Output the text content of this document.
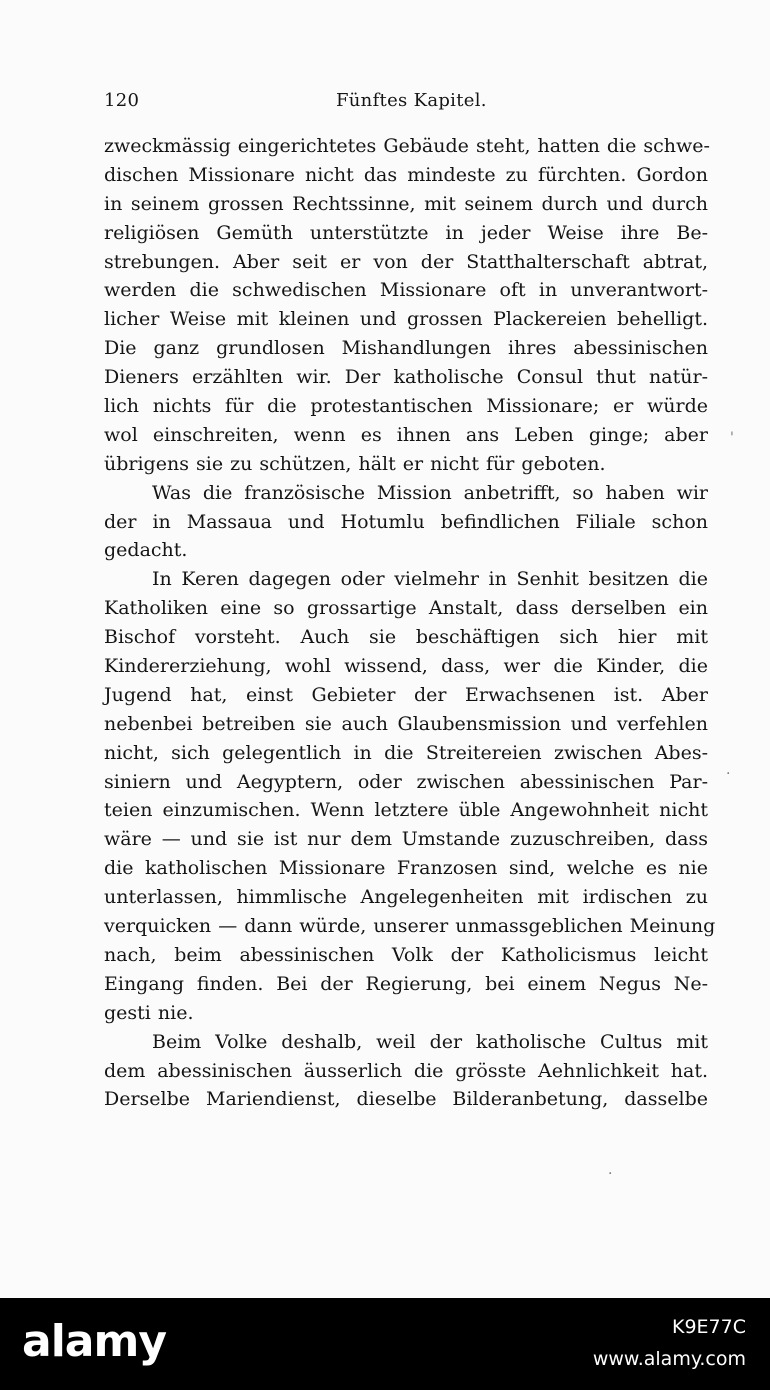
120	Fünftes Kapitel.
zweckmässig eingerichtetes Gebäude steht, hatten die schwe-
dischen Missionare nicht das mindeste zu fürchten. Gordon
in seinem grossen Rechtssinne, mit seinem durch und durch
religiösen Gemüth unterstützte in jeder Weise ihre Be-
strebungen. Aber seit er von der Statthalterschaft abtrat,
werden die schwedischen Missionare oft in unverantwort-
licher Weise mit kleinen und grossen Plackereien behelligt.
Die ganz grundlosen Mishandlungen ihres abessinischen
Dieners erzählten wir. Der katholische Consul thut natür-
lich nichts für die protestantischen Missionare; er würde
wol einschreiten, wenn es ihnen ans Leben ginge; aber
übrigens sie zu schützen, hält er nicht für geboten.
Was die französische Mission anbetrifft, so haben wir
der in Massaua und Hotumlu befindlichen Filiale schon
gedacht.
In Keren dagegen oder vielmehr in Senhit besitzen die
Katholiken eine so grossartige Anstalt, dass derselben ein
Bischof vorsteht. Auch sie beschäftigen sich hier mit
Kindererziehung, wohl wissend, dass, wer die Kinder, die
Jugend hat, einst Gebieter der Erwachsenen ist. Aber
nebenbei betreiben sie auch Glaubensmission und verfehlen
nicht, sich gelegentlich in die Streitereien zwischen Abes-
siniern und Aegyptern, oder zwischen abessinischen Par-
teien einzumischen. Wenn letztere üble Angewohnheit nicht
wäre — und sie ist nur dem Umstande zuzuschreiben, dass
die katholischen Missionare Franzosen sind, welche es nie
unterlassen, himmlische Angelegenheiten mit irdischen zu
verquicken — dann würde, unserer unmassgeblichen Meinung
nach, beim abessinischen Volk der Katholicismus leicht
Eingang finden. Bei der Regierung, bei einem Negus Ne-
gesti nie.
Beim Volke deshalb, weil der katholische Cultus mit
dem abessinischen äusserlich die grösste Aehnlichkeit hat.
Derselbe Mariendienst, dieselbe Bilderanbetung, dasselbe
'
.
.
alamy	K9E77C
www.alamy.com
